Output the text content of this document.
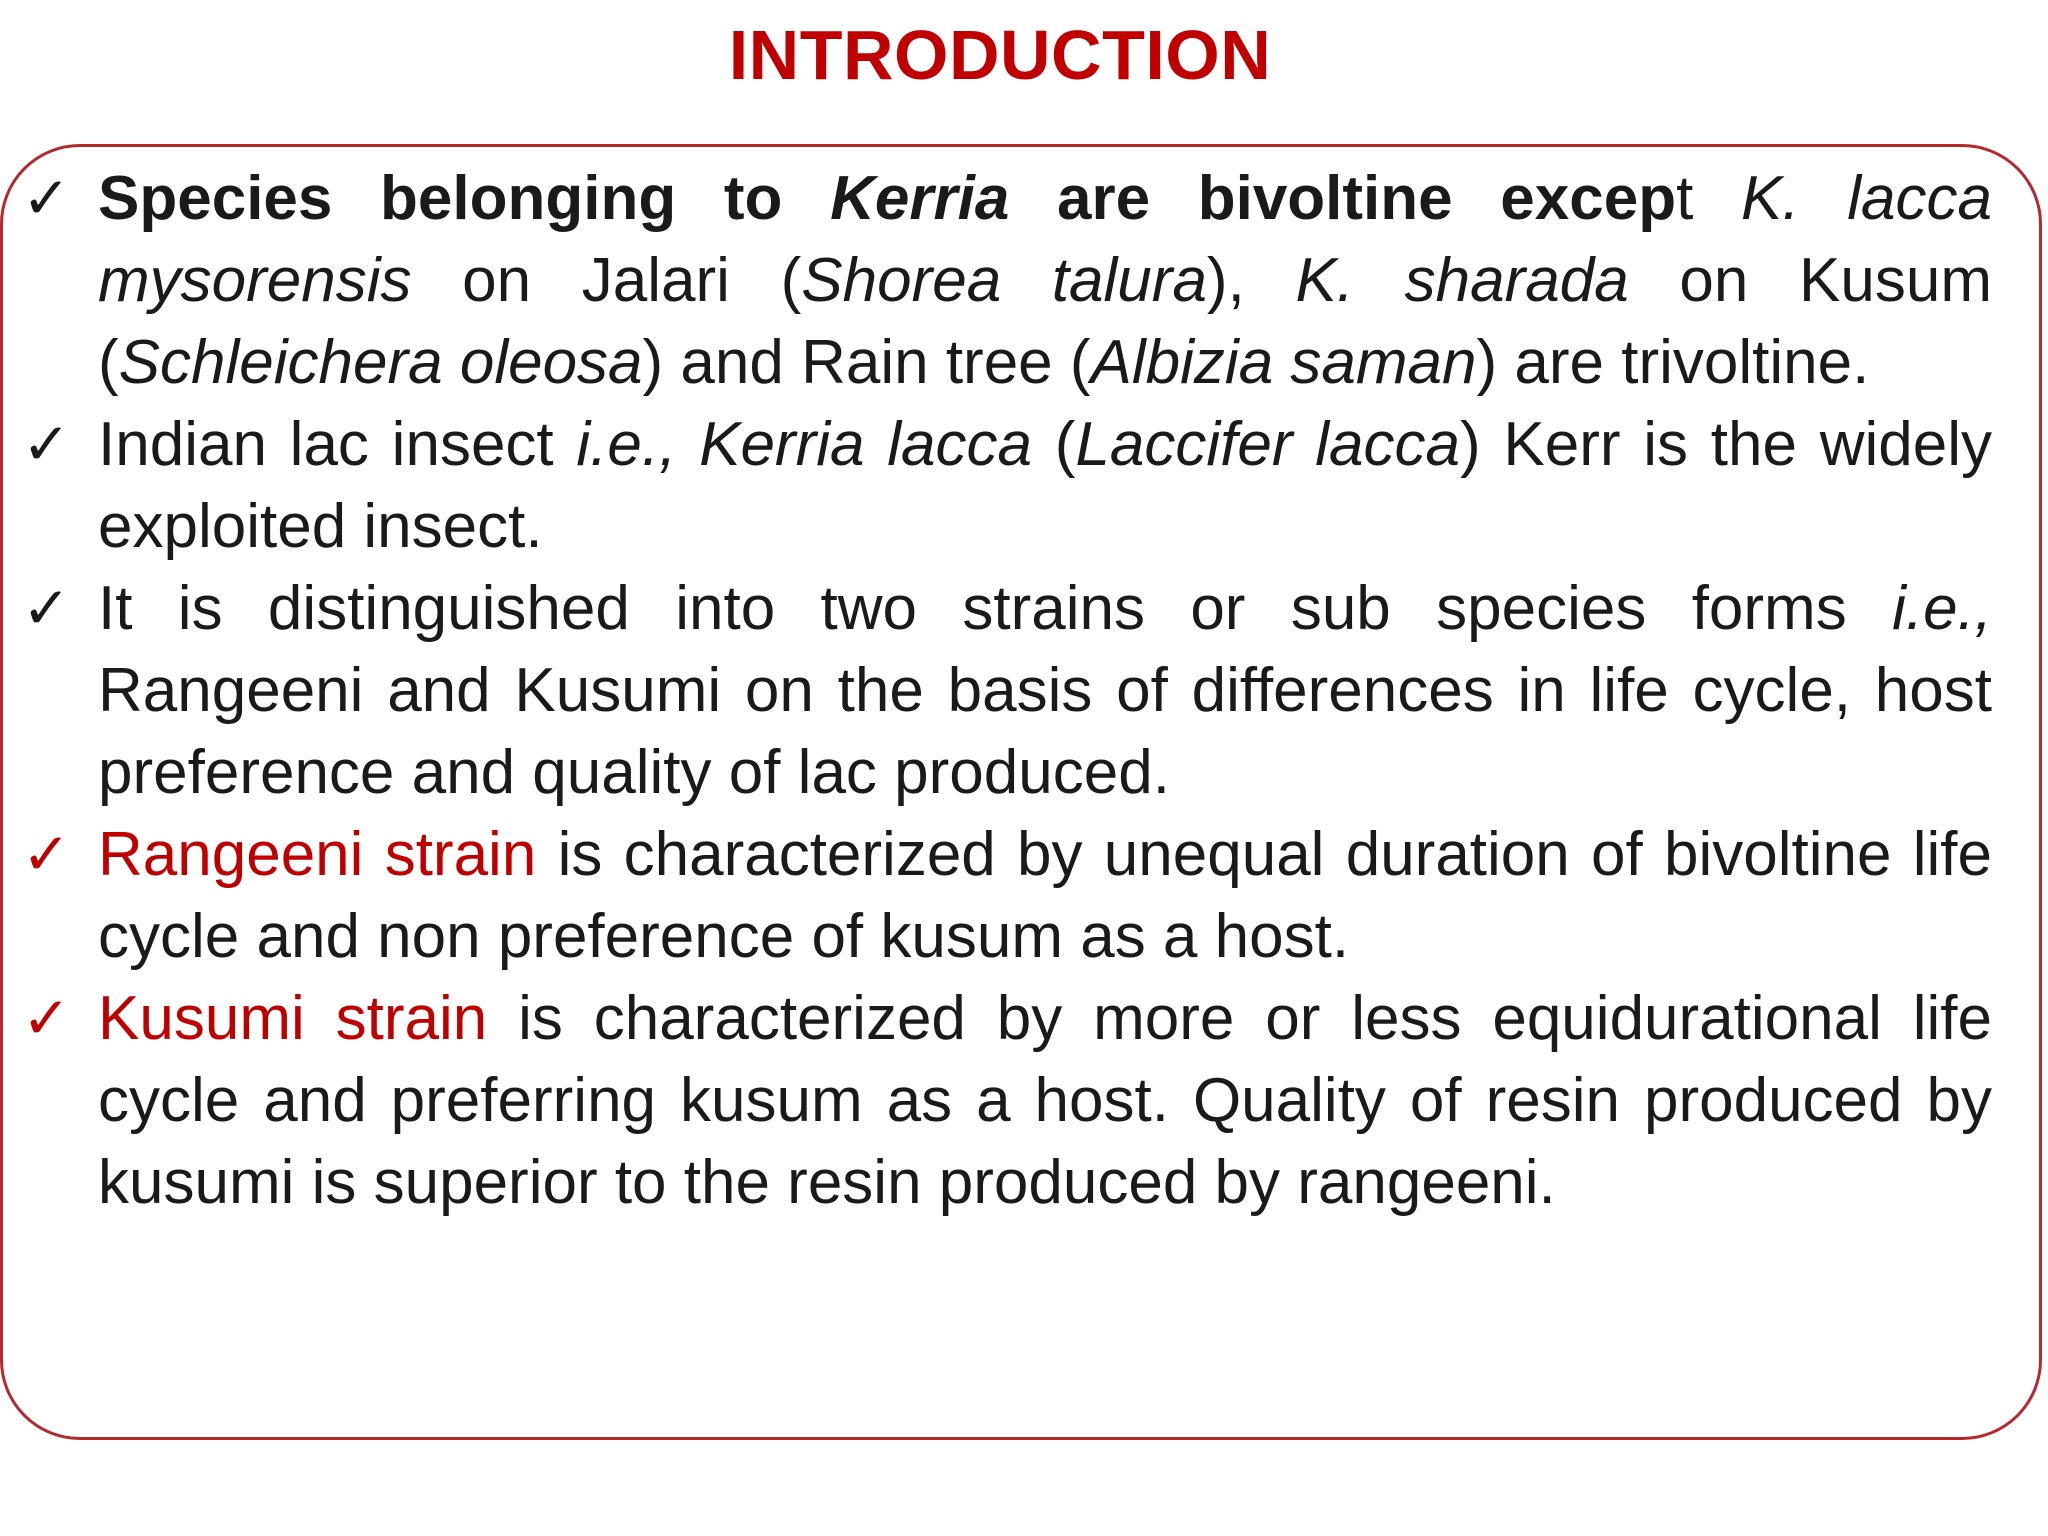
INTRODUCTION
✓ Species belonging to Kerria are bivoltine except K. lacca mysorensis on Jalari (Shorea talura), K. sharada on Kusum (Schleichera oleosa) and Rain tree (Albizia saman) are trivoltine.
✓ Indian lac insect i.e., Kerria lacca (Laccifer lacca) Kerr is the widely exploited insect.
✓ It is distinguished into two strains or sub species forms i.e., Rangeeni and Kusumi on the basis of differences in life cycle, host preference and quality of lac produced.
✓ Rangeeni strain is characterized by unequal duration of bivoltine life cycle and non preference of kusum as a host.
✓ Kusumi strain is characterized by more or less equidurational life cycle and preferring kusum as a host. Quality of resin produced by kusumi is superior to the resin produced by rangeeni.
